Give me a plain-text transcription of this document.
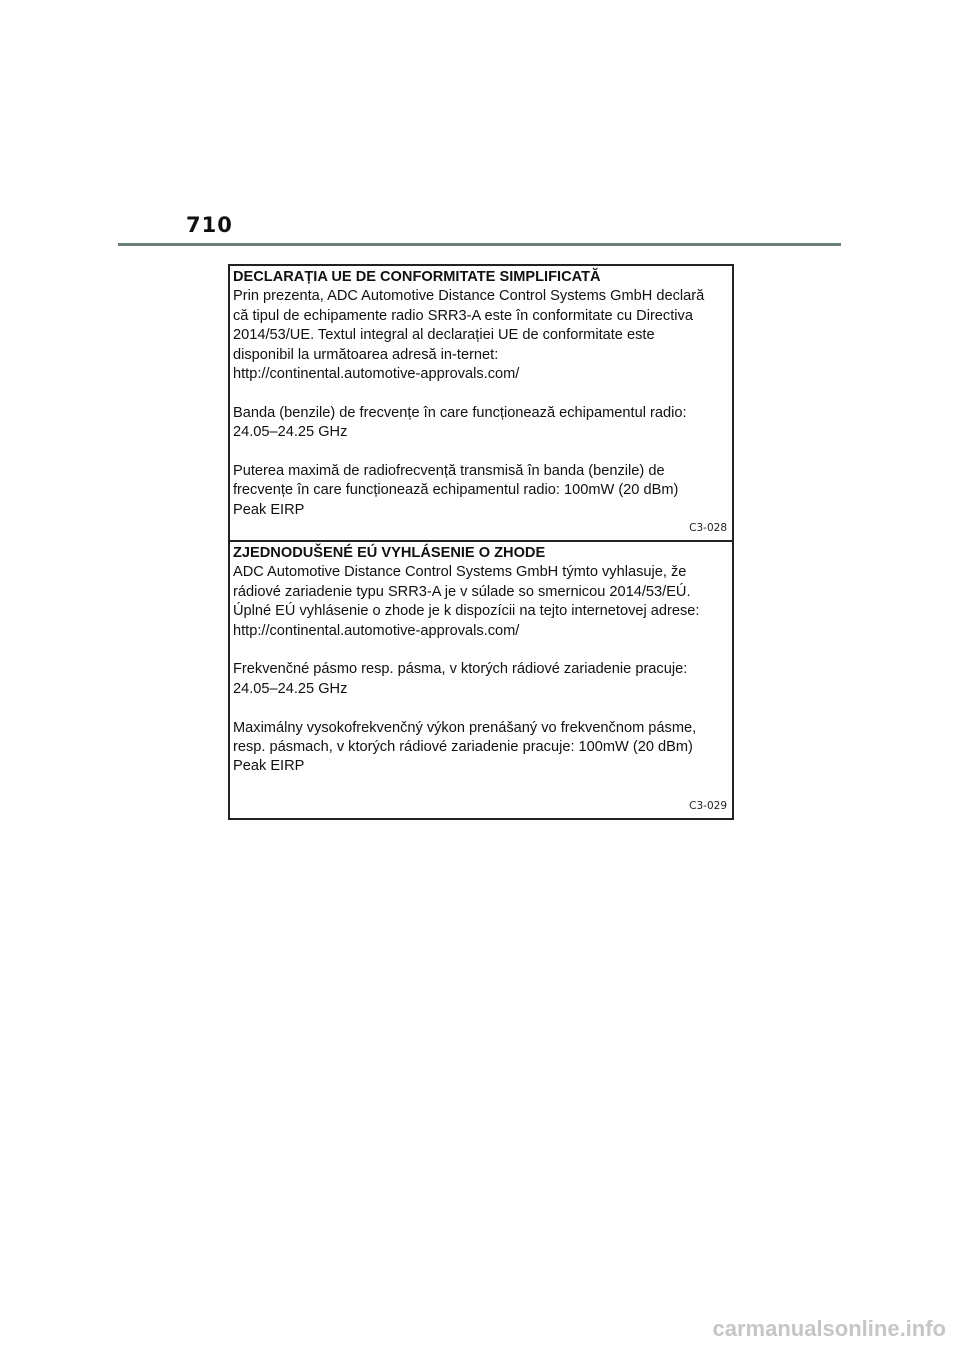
710

DECLARAȚIA UE DE CONFORMITATE SIMPLIFICATĂ

Prin prezenta, ADC Automotive Distance Control Systems GmbH declară
că tipul de echipamente radio SRR3-A este în conformitate cu Directiva
2014/53/UE. Textul integral al declarației UE de conformitate este
disponibil la următoarea adresă in-ternet:
http://continental.automotive-approvals.com/

Banda (benzile) de frecvențe în care funcționează echipamentul radio:
24.05–24.25 GHz

Puterea maximă de radiofrecvență transmisă în banda (benzile) de
frecvențe în care funcționează echipamentul radio: 100mW (20 dBm)
Peak EIRP

C3-028

ZJEDNODUŠENÉ EÚ VYHLÁSENIE O ZHODE

ADC Automotive Distance Control Systems GmbH týmto vyhlasuje, že
rádiové zariadenie typu SRR3-A je v súlade so smernicou 2014/53/EÚ.
Úplné EÚ vyhlásenie o zhode je k dispozícii na tejto internetovej adrese:
http://continental.automotive-approvals.com/

Frekvenčné pásmo resp. pásma, v ktorých rádiové zariadenie pracuje:
24.05–24.25 GHz

Maximálny vysokofrekvenčný výkon prenášaný vo frekvenčnom pásme,
resp. pásmach, v ktorých rádiové zariadenie pracuje: 100mW (20 dBm)
Peak EIRP

C3-029
carmanualsonline.info
